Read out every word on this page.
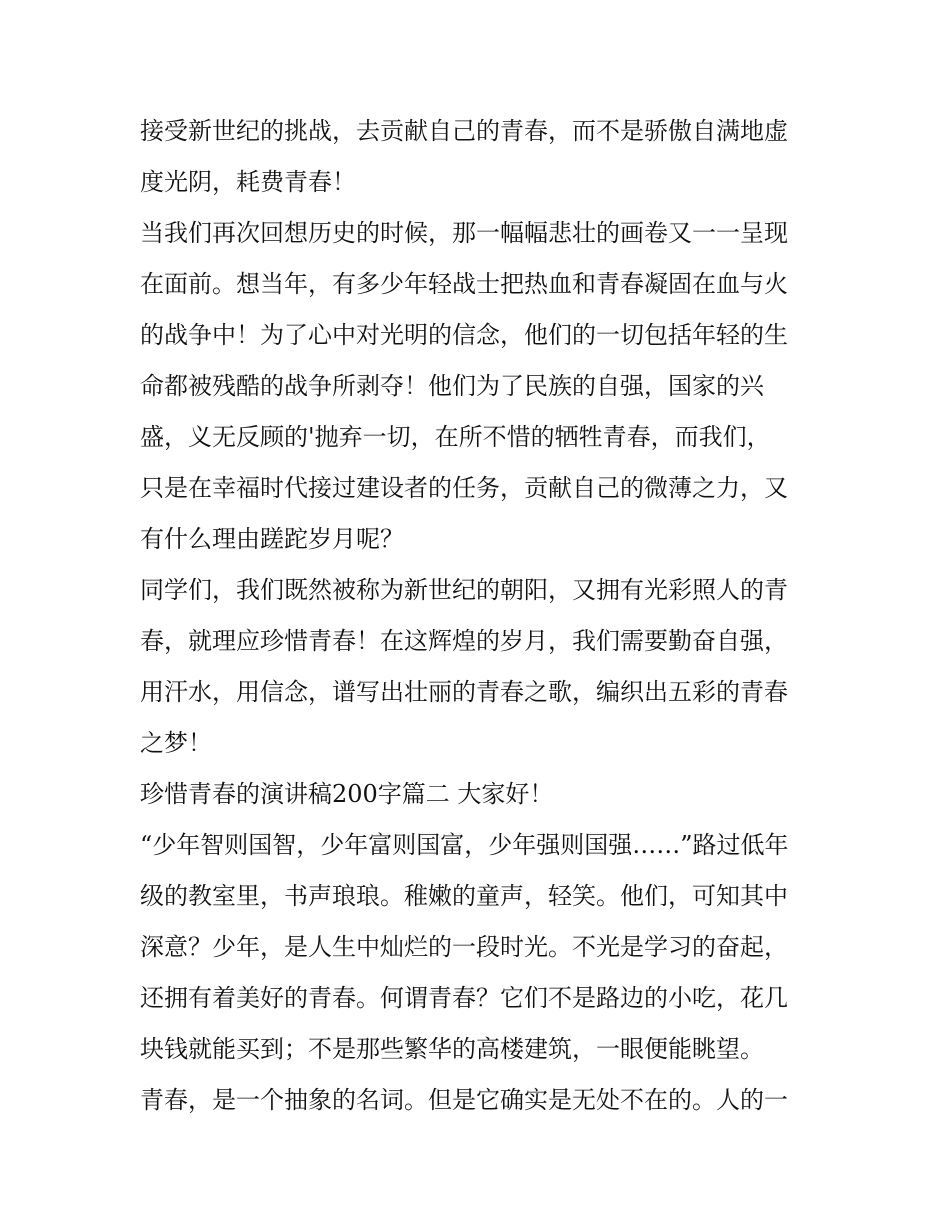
接受新世纪的挑战，去贡献自己的青春，而不是骄傲自满地虚
度光阴，耗费青春！
当我们再次回想历史的时候，那一幅幅悲壮的画卷又一一呈现
在面前。想当年，有多少年轻战士把热血和青春凝固在血与火
的战争中！为了心中对光明的信念，他们的一切包括年轻的生
命都被残酷的战争所剥夺！他们为了民族的自强，国家的兴
盛，义无反顾的'抛弃一切，在所不惜的牺牲青春，而我们，
只是在幸福时代接过建设者的任务，贡献自己的微薄之力，又
有什么理由蹉跎岁月呢？
同学们，我们既然被称为新世纪的朝阳，又拥有光彩照人的青
春，就理应珍惜青春！在这辉煌的岁月，我们需要勤奋自强，
用汗水，用信念，谱写出壮丽的青春之歌，编织出五彩的青春
之梦！
珍惜青春的演讲稿200字篇二 大家好！
“少年智则国智，少年富则国富，少年强则国强……”路过低年
级的教室里，书声琅琅。稚嫩的童声，轻笑。他们，可知其中
深意？少年，是人生中灿烂的一段时光。不光是学习的奋起，
还拥有着美好的青春。何谓青春？它们不是路边的小吃，花几
块钱就能买到；不是那些繁华的高楼建筑，一眼便能眺望。
青春，是一个抽象的名词。但是它确实是无处不在的。人的一
